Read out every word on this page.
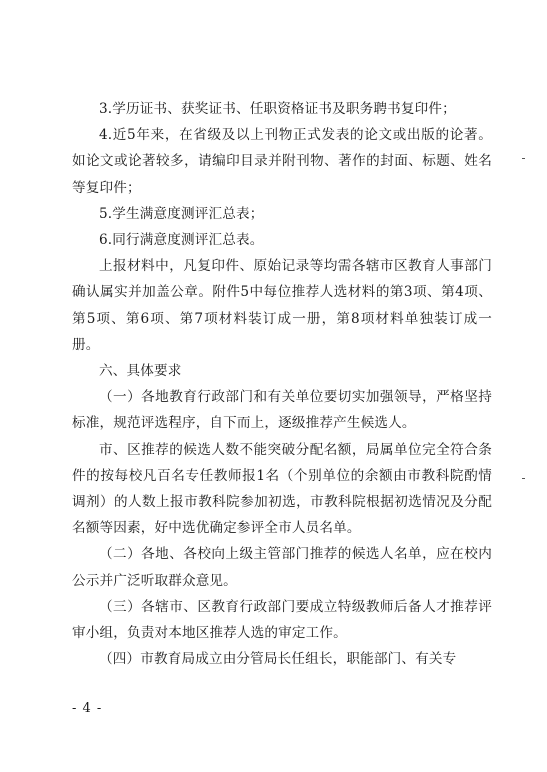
3.学历证书、获奖证书、任职资格证书及职务聘书复印件；

4.近5年来，在省级及以上刊物正式发表的论文或出版的论著。如论文或论著较多，请编印目录并附刊物、著作的封面、标题、姓名等复印件；

5.学生满意度测评汇总表；

6.同行满意度测评汇总表。

上报材料中，凡复印件、原始记录等均需各辖市区教育人事部门确认属实并加盖公章。附件5中每位推荐人选材料的第3项、第4项、第5项、第6项、第7项材料装订成一册，第8项材料单独装订成一册。

六、具体要求

（一）各地教育行政部门和有关单位要切实加强领导，严格坚持标准，规范评选程序，自下而上，逐级推荐产生候选人。

市、区推荐的候选人数不能突破分配名额，局属单位完全符合条件的按每校凡百名专任教师报1名（个别单位的余额由市教科院酌情调剂）的人数上报市教科院参加初选，市教科院根据初选情况及分配名额等因素，好中选优确定参评全市人员名单。

（二）各地、各校向上级主管部门推荐的候选人名单，应在校内公示并广泛听取群众意见。

（三）各辖市、区教育行政部门要成立特级教师后备人才推荐评审小组，负责对本地区推荐人选的审定工作。

（四）市教育局成立由分管局长任组长，职能部门、有关专

- 4 -
